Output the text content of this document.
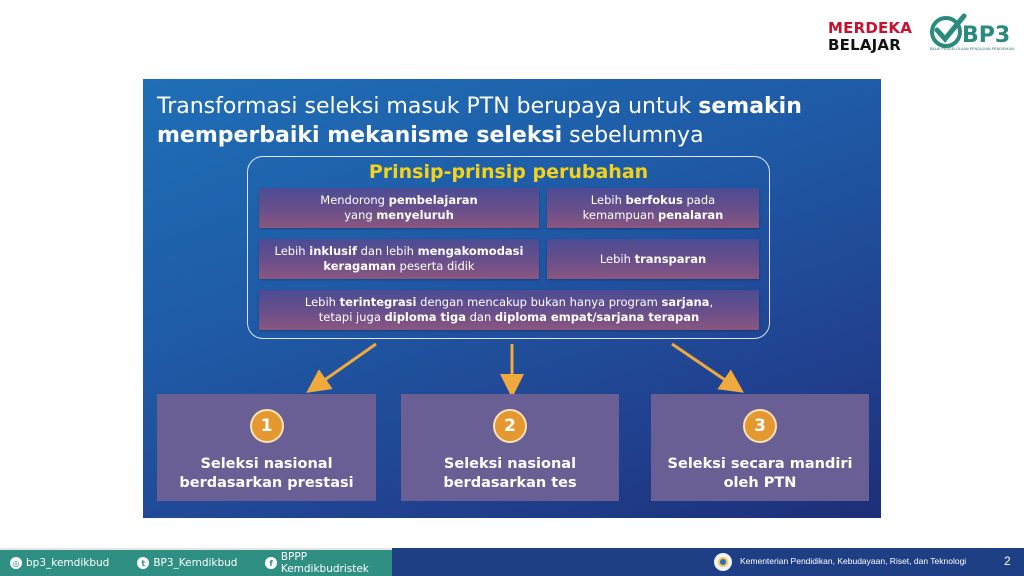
MERDEKA
BELAJAR	BP3
BALAI PENGELOLAAN PENGUJIAN PENDIDIKAN
Transformasi seleksi masuk PTN berupaya untuk semakin memperbaiki mekanisme seleksi sebelumnya
Prinsip-prinsip perubahan
Mendorong pembelajaran
yang menyeluruh
Lebih berfokus pada
kemampuan penalaran
Lebih inklusif dan lebih mengakomodasi
keragaman peserta didik
Lebih transparan
Lebih terintegrasi dengan mencakup bukan hanya program sarjana,
tetapi juga diploma tiga dan diploma empat/sarjana terapan
1
Seleksi nasional
berdasarkan prestasi
2
Seleksi nasional
berdasarkan tes
3
Seleksi secara mandiri
oleh PTN
◎ bp3_kemdikbud	t BP3_Kemdikbud	f BPPP Kemdikbudristek
Kementerian Pendidikan, Kebudayaan, Riset, dan Teknologi	2
